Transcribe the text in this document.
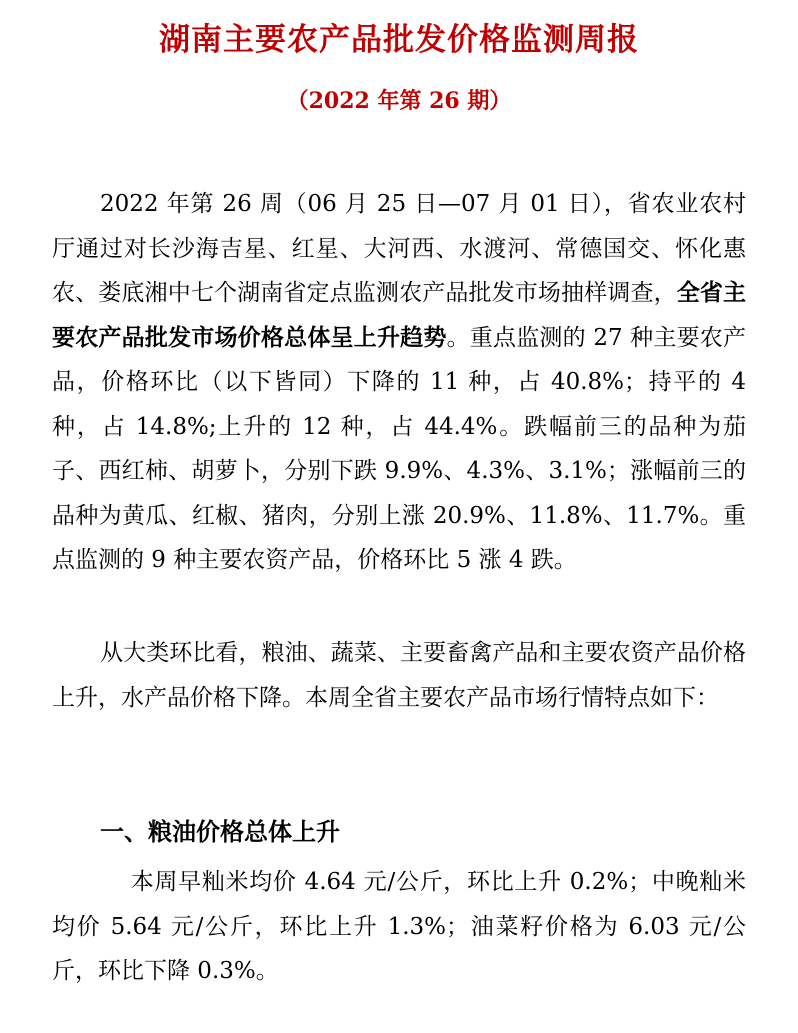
湖南主要农产品批发价格监测周报
（2022 年第 26 期）

2022 年第 26 周（06 月 25 日—07 月 01 日），省农业农村厅通过对长沙海吉星、红星、大河西、水渡河、常德国交、怀化惠农、娄底湘中七个湖南省定点监测农产品批发市场抽样调查，全省主要农产品批发市场价格总体呈上升趋势。重点监测的 27 种主要农产品，价格环比（以下皆同）下降的 11 种，占 40.8%；持平的 4 种，占 14.8%;上升的 12 种，占 44.4%。跌幅前三的品种为茄子、西红柿、胡萝卜，分别下跌 9.9%、4.3%、3.1%；涨幅前三的品种为黄瓜、红椒、猪肉，分别上涨 20.9%、11.8%、11.7%。重点监测的 9 种主要农资产品，价格环比 5 涨 4 跌。

从大类环比看，粮油、蔬菜、主要畜禽产品和主要农资产品价格上升，水产品价格下降。本周全省主要农产品市场行情特点如下：

一、粮油价格总体上升

本周早籼米均价 4.64 元/公斤，环比上升 0.2%；中晚籼米均价 5.64 元/公斤，环比上升 1.3%；油菜籽价格为 6.03 元/公斤，环比下降 0.3%。
